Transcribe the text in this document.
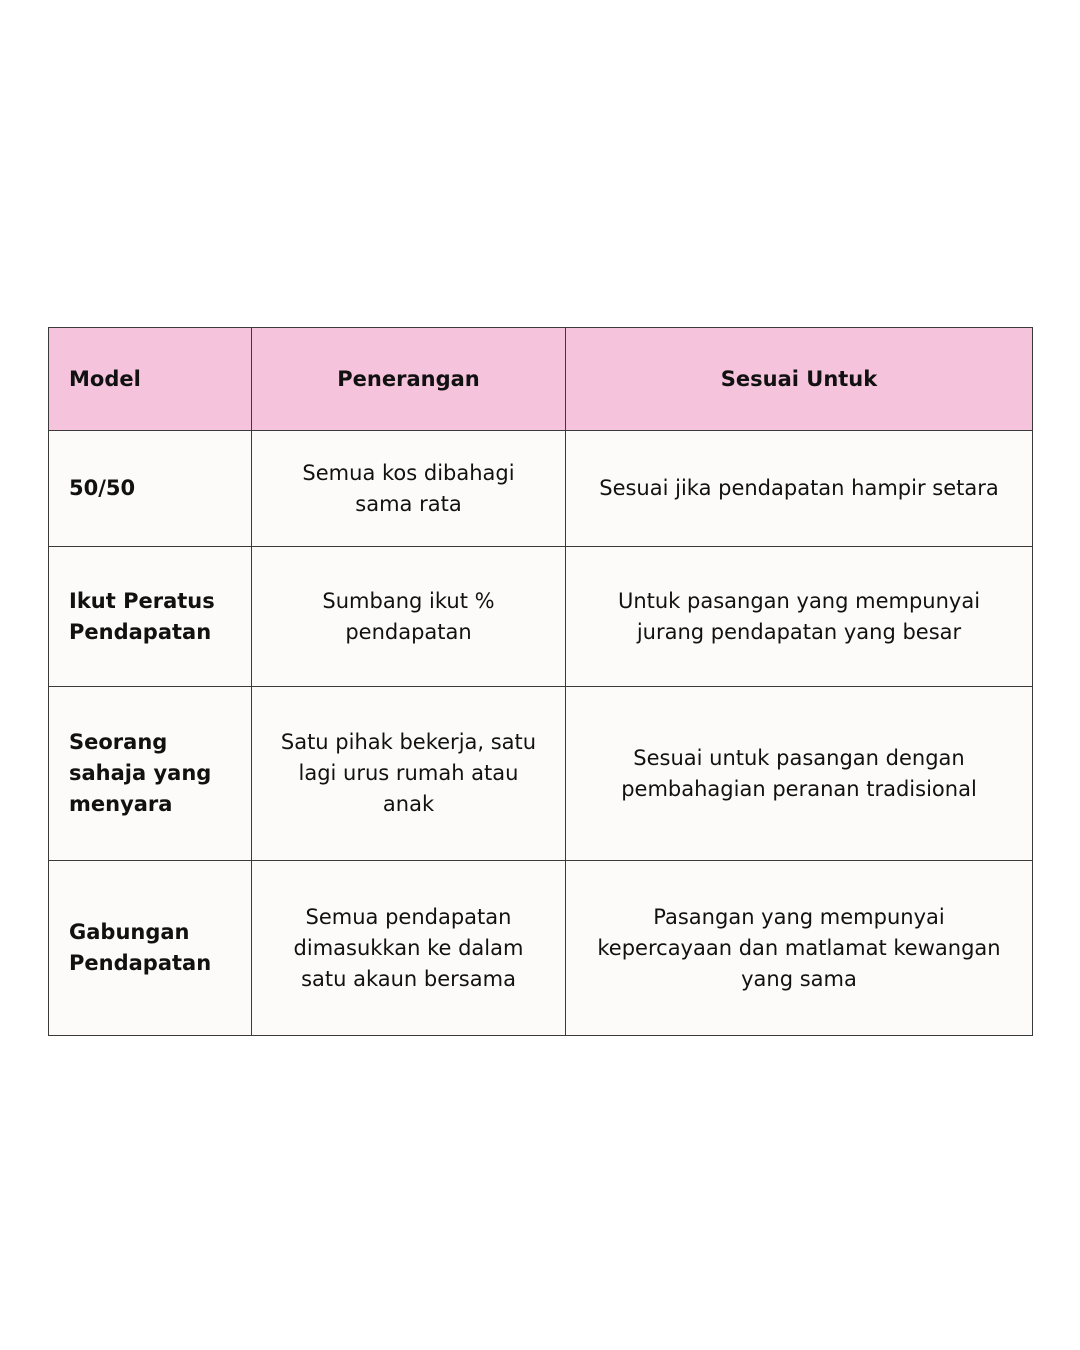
Model	Penerangan	Sesuai Untuk
50/50	Semua kos dibahagi sama rata	Sesuai jika pendapatan hampir setara
Ikut Peratus Pendapatan	Sumbang ikut % pendapatan	Untuk pasangan yang mempunyai jurang pendapatan yang besar
Seorang sahaja yang menyara	Satu pihak bekerja, satu lagi urus rumah atau anak	Sesuai untuk pasangan dengan pembahagian peranan tradisional
Gabungan Pendapatan	Semua pendapatan dimasukkan ke dalam satu akaun bersama	Pasangan yang mempunyai kepercayaan dan matlamat kewangan yang sama
